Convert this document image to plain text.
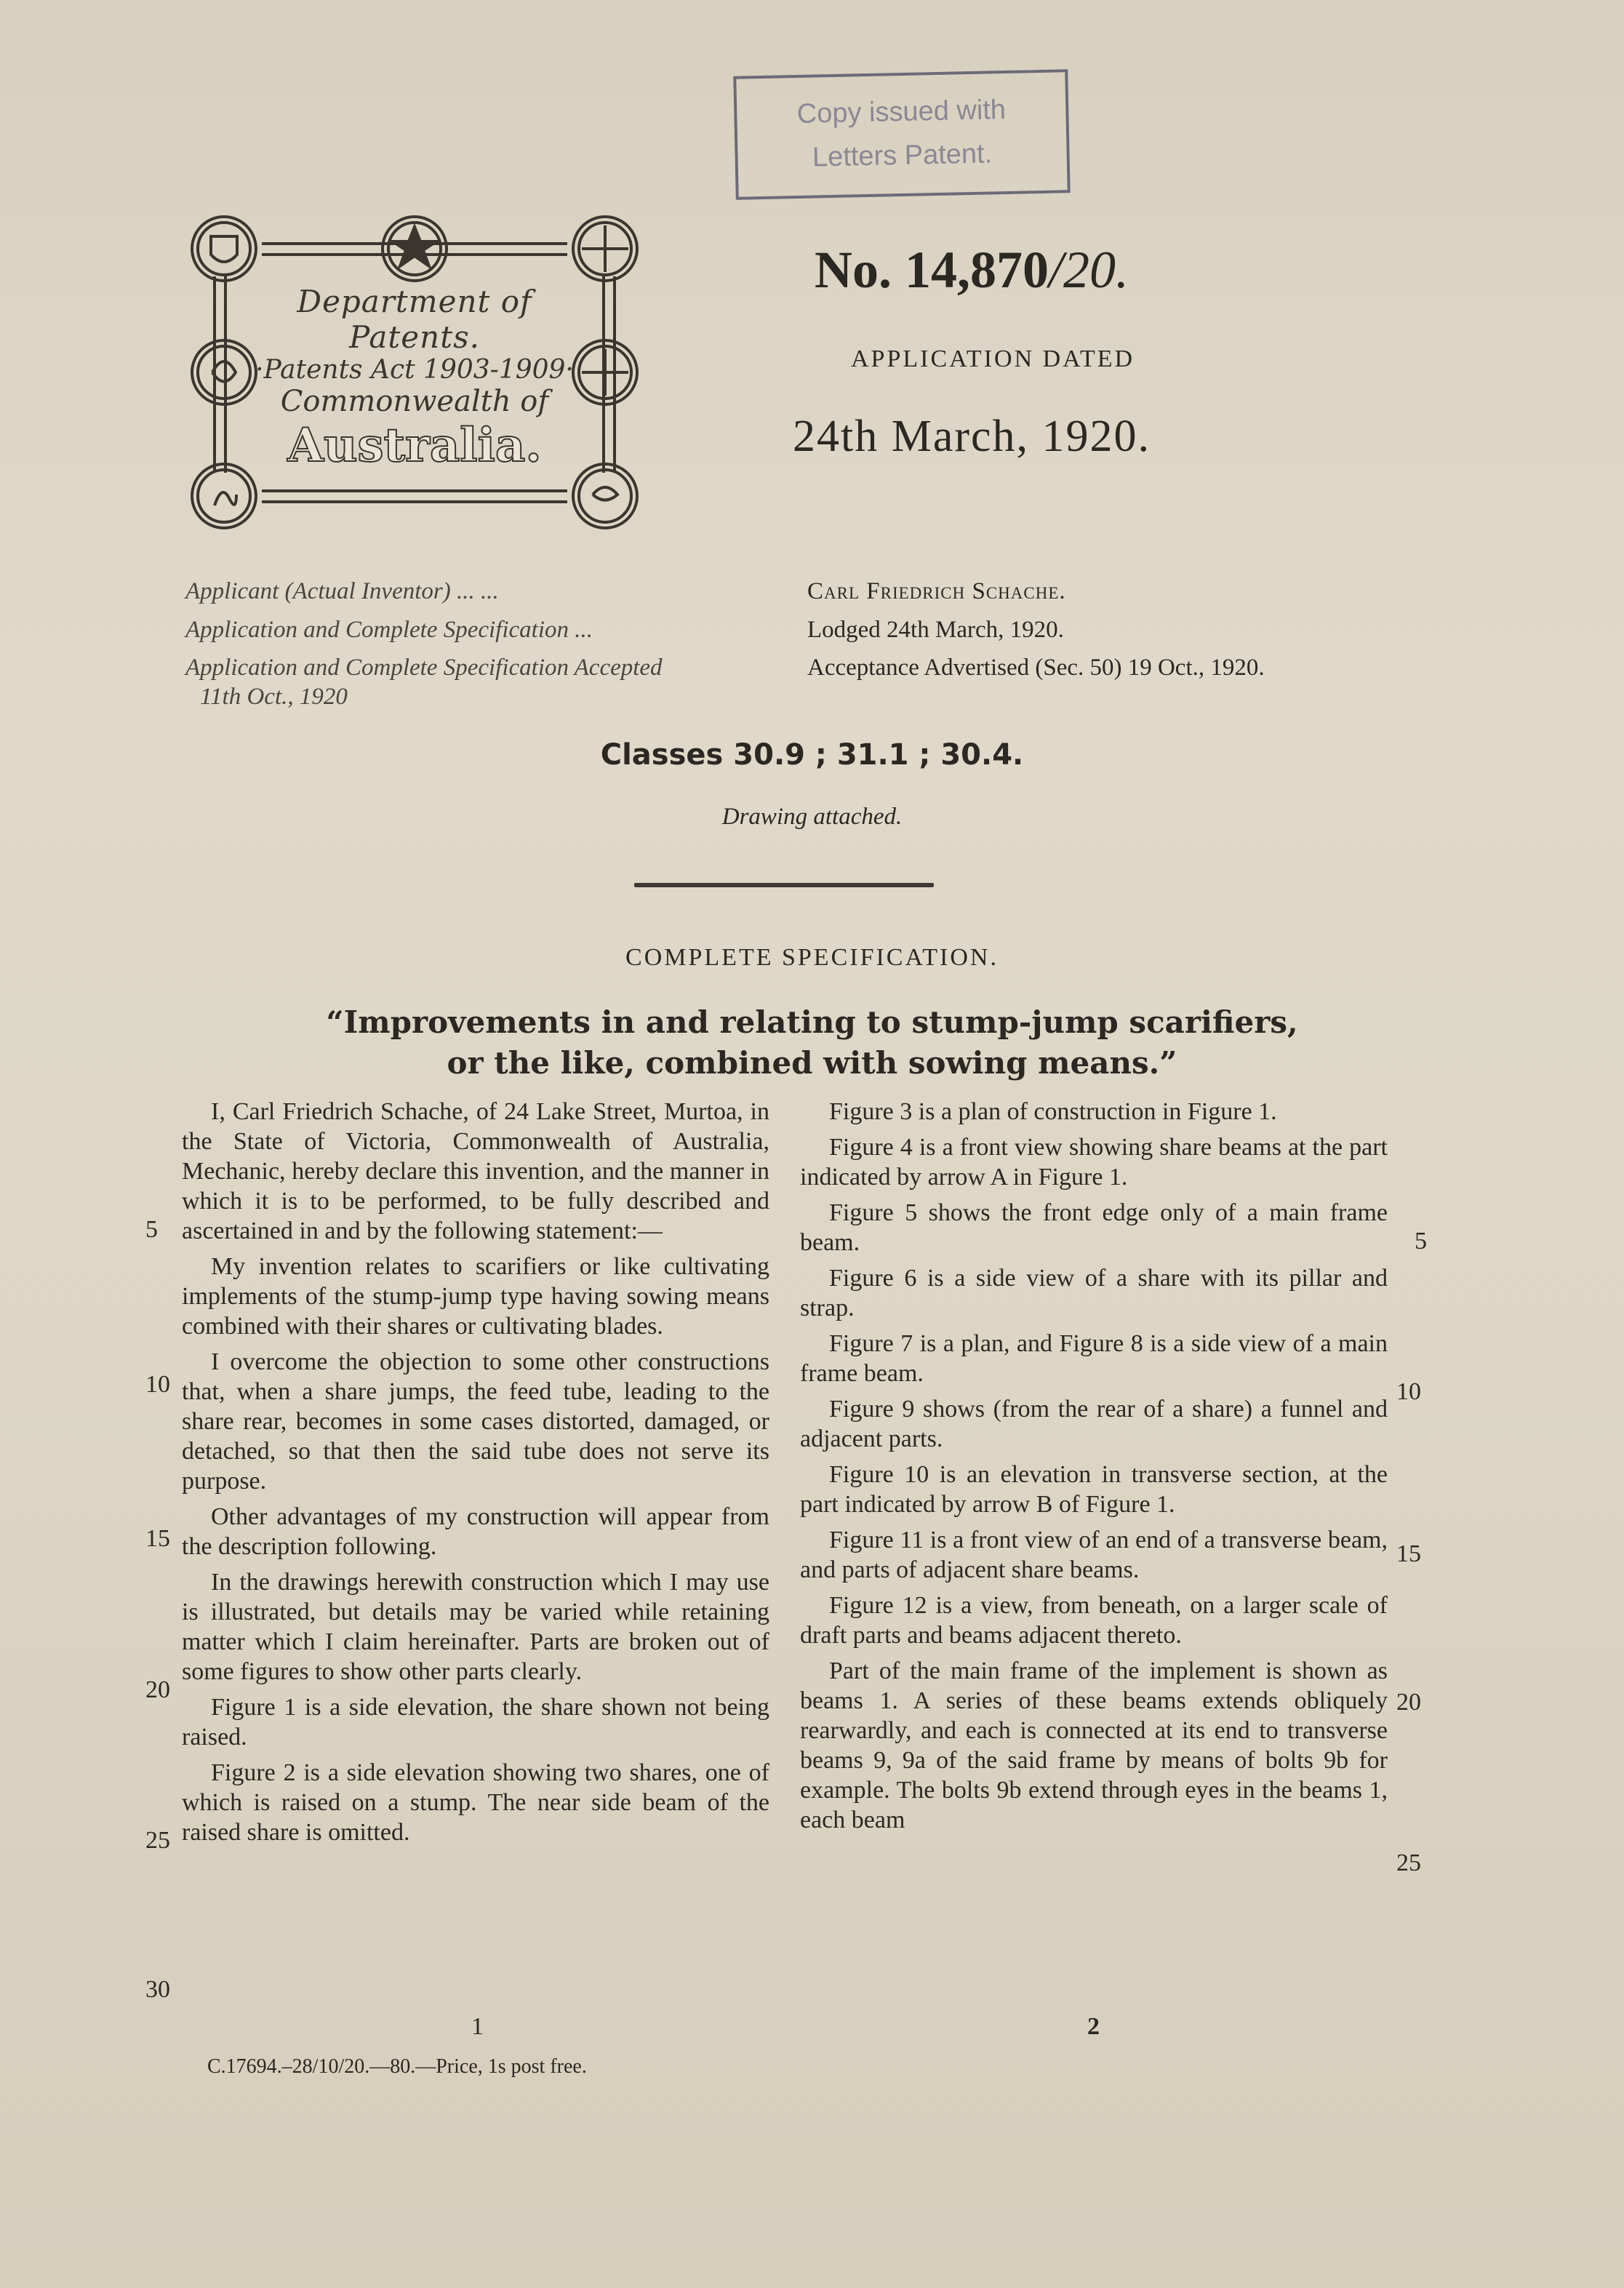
Copy issued with
Letters Patent.
Department of Patents.
·Patents Act 1903-1909·
Commonwealth of
Australia.
No. 14,870/20.
APPLICATION DATED
24th March, 1920.
Applicant (Actual Inventor) ... ...	Carl Friedrich Schache.
Application and Complete Specification ...	Lodged 24th March, 1920.
Application and Complete Specification Accepted
11th Oct., 1920
Acceptance Advertised (Sec. 50) 19 Oct., 1920.
Classes 30.9 ; 31.1 ; 30.4.
Drawing attached.
COMPLETE SPECIFICATION.
“Improvements in and relating to stump-jump scarifiers,
or the like, combined with sowing means.”

I, Carl Friedrich Schache, of 24 Lake Street, Murtoa, in the State of Victoria, Commonwealth of Australia, Mechanic, hereby declare this invention, and the manner in which it is to be performed, to be fully described and ascertained in and by the following statement:—

My invention relates to scarifiers or like cultivating implements of the stump-jump type having sowing means combined with their shares or cultivating blades.

I overcome the objection to some other constructions that, when a share jumps, the feed tube, leading to the share rear, becomes in some cases distorted, damaged, or detached, so that then the said tube does not serve its purpose.

Other advantages of my construction will appear from the description following.

In the drawings herewith construction which I may use is illustrated, but details may be varied while retaining matter which I claim hereinafter. Parts are broken out of some figures to show other parts clearly.

Figure 1 is a side elevation, the share shown not being raised.

Figure 2 is a side elevation showing two shares, one of which is raised on a stump. The near side beam of the raised share is omitted.

5
10
15
20
25
30
1

Figure 3 is a plan of construction in Figure 1.

Figure 4 is a front view showing share beams at the part indicated by arrow A in Figure 1.

Figure 5 shows the front edge only of a main frame beam.

Figure 6 is a side view of a share with its pillar and strap.

Figure 7 is a plan, and Figure 8 is a side view of a main frame beam.

Figure 9 shows (from the rear of a share) a funnel and adjacent parts.

Figure 10 is an elevation in transverse section, at the part indicated by arrow B of Figure 1.

Figure 11 is a front view of an end of a transverse beam, and parts of adjacent share beams.

Figure 12 is a view, from beneath, on a larger scale of draft parts and beams adjacent thereto.

Part of the main frame of the implement is shown as beams 1. A series of these beams extends obliquely rearwardly, and each is connected at its end to transverse beams 9, 9a of the said frame by means of bolts 9b for example. The bolts 9b extend through eyes in the beams 1, each beam

5
10
15
20
25
2
C.17694.–28/10/20.—80.—Price, 1s post free.
